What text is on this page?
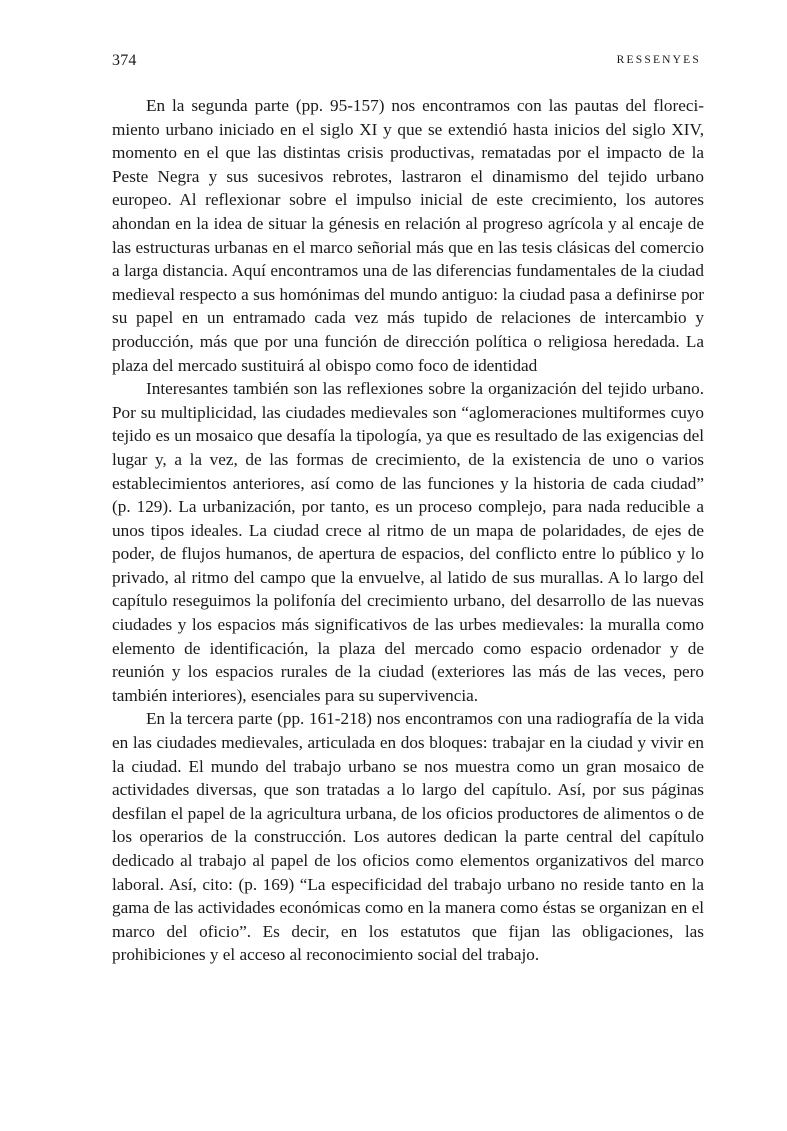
374	RESSENYES

En la segunda parte (pp. 95-157) nos encontramos con las pautas del florecimiento urbano iniciado en el siglo XI y que se extendió hasta inicios del siglo XIV, momento en el que las distintas crisis productivas, rematadas por el impacto de la Peste Negra y sus sucesivos rebrotes, lastraron el dinamismo del tejido urbano europeo. Al reflexionar sobre el impulso inicial de este crecimiento, los autores ahondan en la idea de situar la génesis en relación al progreso agrícola y al encaje de las estructuras urbanas en el marco señorial más que en las tesis clásicas del comercio a larga distancia. Aquí encontramos una de las diferencias fundamentales de la ciudad medieval respecto a sus homónimas del mundo antiguo: la ciudad pasa a definirse por su papel en un entramado cada vez más tupido de relaciones de intercambio y producción, más que por una función de dirección política o religiosa heredada. La plaza del mercado sustituirá al obispo como foco de identidad

Interesantes también son las reflexiones sobre la organización del tejido urbano. Por su multiplicidad, las ciudades medievales son “aglomeraciones multiformes cuyo tejido es un mosaico que desafía la tipología, ya que es resultado de las exigencias del lugar y, a la vez, de las formas de crecimiento, de la existencia de uno o varios establecimientos anteriores, así como de las funciones y la historia de cada ciudad” (p. 129). La urbanización, por tanto, es un proceso complejo, para nada reducible a unos tipos ideales. La ciudad crece al ritmo de un mapa de polaridades, de ejes de poder, de flujos humanos, de apertura de espacios, del conflicto entre lo público y lo privado, al ritmo del campo que la envuelve, al latido de sus murallas. A lo largo del capítulo reseguimos la polifonía del crecimiento urbano, del desarrollo de las nuevas ciudades y los espacios más significativos de las urbes medievales: la muralla como elemento de identificación, la plaza del mercado como espacio ordenador y de reunión y los espacios rurales de la ciudad (exteriores las más de las veces, pero también interiores), esenciales para su supervivencia.

En la tercera parte (pp. 161-218) nos encontramos con una radiografía de la vida en las ciudades medievales, articulada en dos bloques: trabajar en la ciudad y vivir en la ciudad. El mundo del trabajo urbano se nos muestra como un gran mosaico de actividades diversas, que son tratadas a lo largo del capítulo. Así, por sus páginas desfilan el papel de la agricultura urbana, de los oficios productores de alimentos o de los operarios de la construcción. Los autores dedican la parte central del capítulo dedicado al trabajo al papel de los oficios como elementos organizativos del marco laboral. Así, cito: (p. 169) “La especificidad del trabajo urbano no reside tanto en la gama de las actividades económicas como en la manera como éstas se organizan en el marco del oficio”. Es decir, en los estatutos que fijan las obligaciones, las prohibiciones y el acceso al reconocimiento social del trabajo.
